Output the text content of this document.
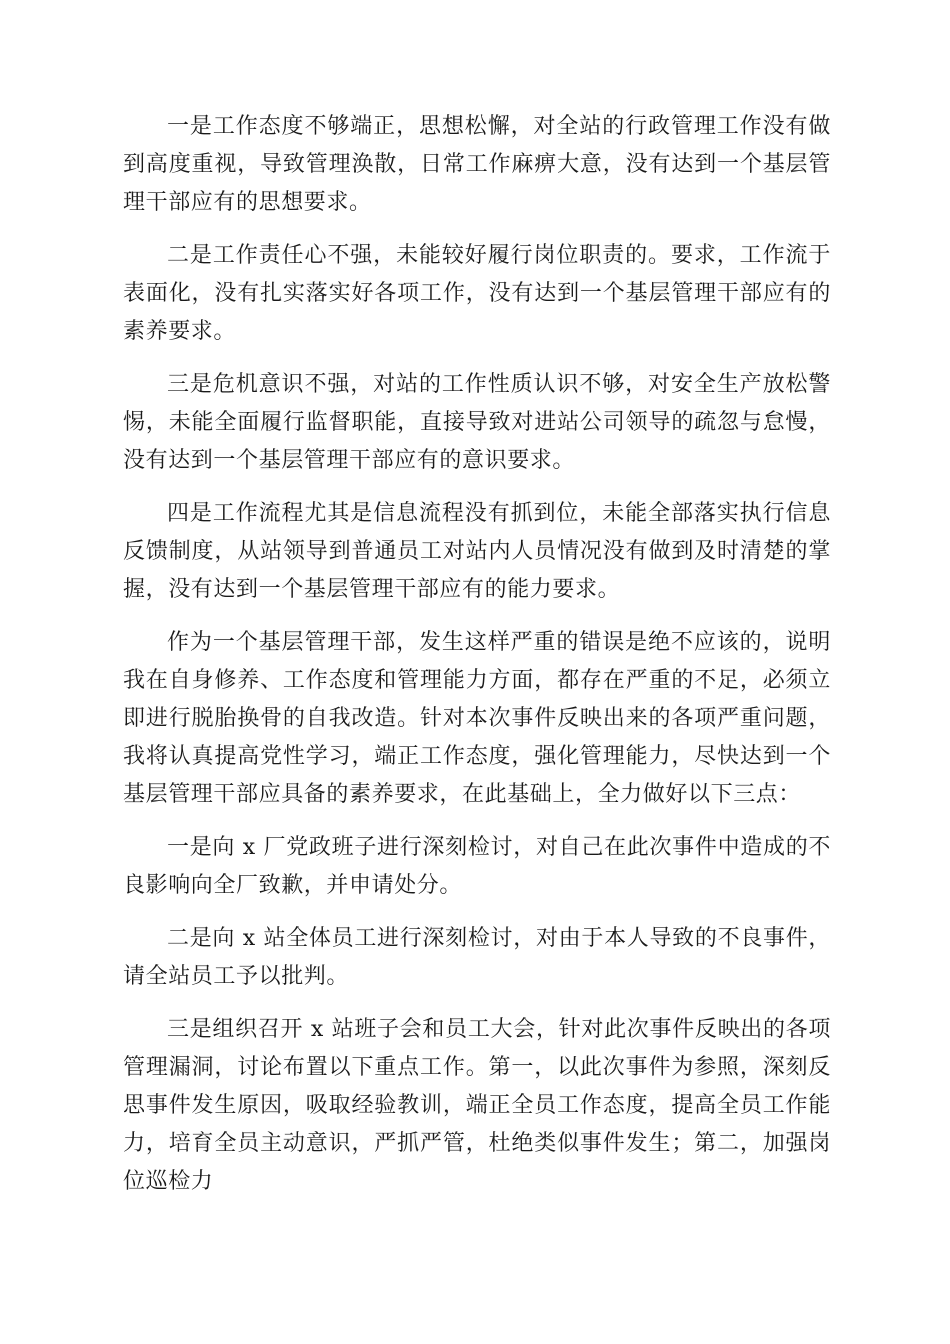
一是工作态度不够端正，思想松懈，对全站的行政管理工作没有做到高度重视，导致管理涣散，日常工作麻痹大意，没有达到一个基层管理干部应有的思想要求。

二是工作责任心不强，未能较好履行岗位职责的。要求，工作流于表面化，没有扎实落实好各项工作，没有达到一个基层管理干部应有的素养要求。

三是危机意识不强，对站的工作性质认识不够，对安全生产放松警惕，未能全面履行监督职能，直接导致对进站公司领导的疏忽与怠慢，没有达到一个基层管理干部应有的意识要求。

四是工作流程尤其是信息流程没有抓到位，未能全部落实执行信息反馈制度，从站领导到普通员工对站内人员情况没有做到及时清楚的掌握，没有达到一个基层管理干部应有的能力要求。

作为一个基层管理干部，发生这样严重的错误是绝不应该的，说明我在自身修养、工作态度和管理能力方面，都存在严重的不足，必须立即进行脱胎换骨的自我改造。针对本次事件反映出来的各项严重问题，我将认真提高党性学习，端正工作态度，强化管理能力，尽快达到一个基层管理干部应具备的素养要求，在此基础上，全力做好以下三点：

一是向 x 厂党政班子进行深刻检讨，对自己在此次事件中造成的不良影响向全厂致歉，并申请处分。

二是向 x 站全体员工进行深刻检讨，对由于本人导致的不良事件，请全站员工予以批判。

三是组织召开 x 站班子会和员工大会，针对此次事件反映出的各项管理漏洞，讨论布置以下重点工作。第一，以此次事件为参照，深刻反思事件发生原因，吸取经验教训，端正全员工作态度，提高全员工作能力，培育全员主动意识，严抓严管，杜绝类似事件发生；第二，加强岗位巡检力
